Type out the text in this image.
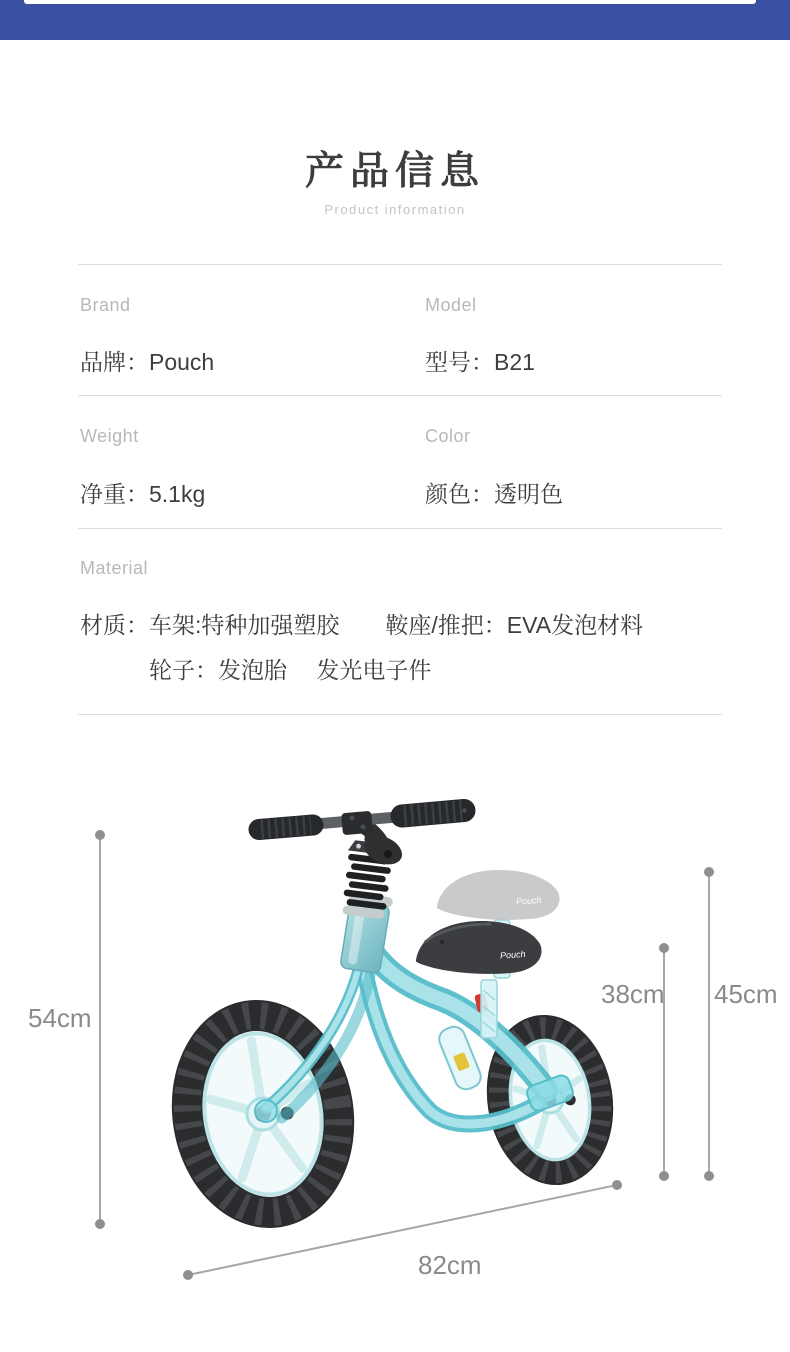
产品信息
Product information
Brand	Model
品牌：Pouch	型号：B21
Weight	Color
净重：5.1kg	颜色：透明色
Material
材质：车架:特种加强塑胶　　鞍座/推把：EVA发泡材料
轮子：发泡胎　 发光电子件
Pouch
Pouch
54cm
38cm 45cm
82cm
